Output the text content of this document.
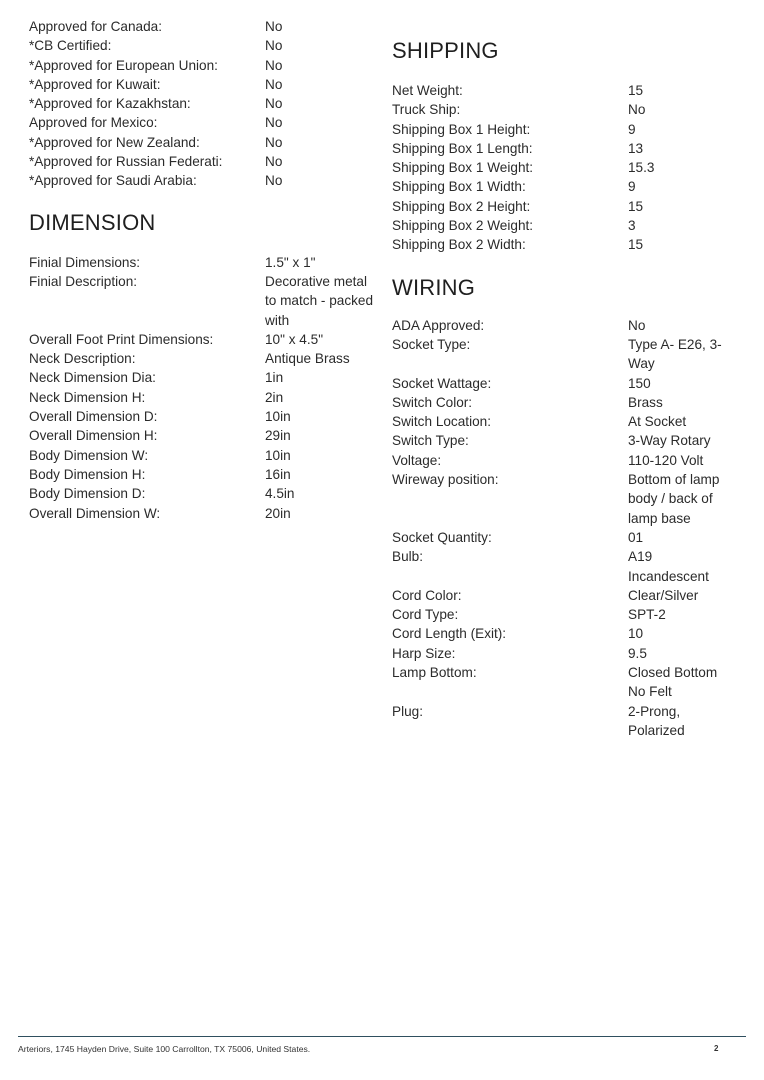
Approved for Canada:	No
*CB Certified:	No
*Approved for European Union:	No
*Approved for Kuwait:	No
*Approved for Kazakhstan:	No
Approved for Mexico:	No
*Approved for New Zealand:	No
*Approved for Russian Federati:	No
*Approved for Saudi Arabia:	No
DIMENSION
Finial Dimensions:	1.5" x 1"
Finial Description:	Decorative metal to match - packed with
Overall Foot Print Dimensions:	10" x 4.5"
Neck Description:	Antique Brass
Neck Dimension Dia:	1in
Neck Dimension H:	2in
Overall Dimension D:	10in
Overall Dimension H:	29in
Body Dimension W:	10in
Body Dimension H:	16in
Body Dimension D:	4.5in
Overall Dimension W:	20in
SHIPPING
Net Weight:	15
Truck Ship:	No
Shipping Box 1 Height:	9
Shipping Box 1 Length:	13
Shipping Box 1 Weight:	15.3
Shipping Box 1 Width:	9
Shipping Box 2 Height:	15
Shipping Box 2 Weight:	3
Shipping Box 2 Width:	15
WIRING
ADA Approved:	No
Socket Type:	Type A- E26, 3-Way
Socket Wattage:	150
Switch Color:	Brass
Switch Location:	At Socket
Switch Type:	3-Way Rotary
Voltage:	110-120 Volt
Wireway position:	Bottom of lamp body / back of lamp base
Socket Quantity:	01
Bulb:	A19 Incandescent
Cord Color:	Clear/Silver
Cord Type:	SPT-2
Cord Length (Exit):	10
Harp Size:	9.5
Lamp Bottom:	Closed Bottom No Felt
Plug:	2-Prong, Polarized
Arteriors, 1745 Hayden Drive, Suite 100 Carrollton, TX 75006, United States.	2
